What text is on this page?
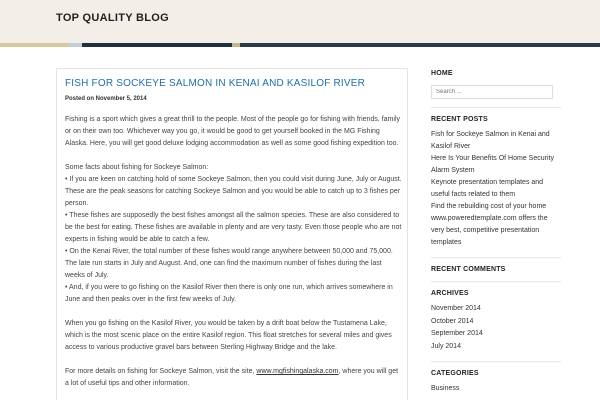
TOP QUALITY BLOG
FISH FOR SOCKEYE SALMON IN KENAI AND KASILOF RIVER
Posted on November 5, 2014

Fishing is a sport which gives a great thrill to the people. Most of the people go for fishing with friends, family or on their own too. Whichever way you go, it would be good to get yourself booked in the MG Fishing Alaska. Here, you will get good deluxe lodging accommodation as well as some good fishing expedition too.

Some facts about fishing for Sockeye Salmon:
• If you are keen on catching hold of some Sockeye Salmon, then you could visit during June, July or August. These are the peak seasons for catching Sockeye Salmon and you would be able to catch up to 3 fishes per person.
• These fishes are supposedly the best fishes amongst all the salmon species. These are also considered to be the best for eating. These fishes are available in plenty and are very tasty. Even those people who are not experts in fishing would be able to catch a few.
• On the Kenai River, the total number of these fishes would range anywhere between 50,000 and 75,000. The late run starts in July and August. And, one can find the maximum number of fishes during the last weeks of July.

• And, if you were to go fishing on the Kasilof River then there is only one run, which arrives somewhere in June and then peaks over in the first few weeks of July.

When you go fishing on the Kasilof River, you would be taken by a drift boat below the Tustamena Lake, which is the most scenic place on the entire Kasilof region. This float stretches for several miles and gives access to various productive gravel bars between Sterling Highway Bridge and the lake.

For more details on fishing for Sockeye Salmon, visit the site, www.mgfishingalaska.com, where you will get a lot of useful tips and other information.

HOME
Search ...
RECENT POSTS
Fish for Sockeye Salmon in Kenai and Kasilof River
Here Is Your Benefits Of Home Security Alarm System
Keynote presentation templates and useful facts related to them
Find the rebuilding cost of your home
www.poweredtemplate.com offers the very best, competitive presentation templates
RECENT COMMENTS
ARCHIVES
November 2014
October 2014
September 2014
July 2014
CATEGORIES
Business
